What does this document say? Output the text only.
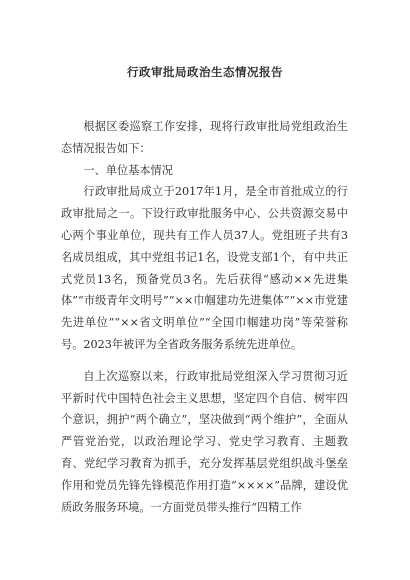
行政审批局政治生态情况报告

根据区委巡察工作安排，现将行政审批局党组政治生态情况报告如下：

一、单位基本情况

行政审批局成立于2017年1月，是全市首批成立的行政审批局之一。下设行政审批服务中心、公共资源交易中心两个事业单位，现共有工作人员37人。党组班子共有3名成员组成，其中党组书记1名，设党支部1个，有中共正式党员13名，预备党员3名。先后获得“感动××先进集体”“市级青年文明号”“××巾帼建功先进集体”“××市党建先进单位”“××省文明单位”“全国巾帼建功岗”等荣誉称号。2023年被评为全省政务服务系统先进单位。

自上次巡察以来，行政审批局党组深入学习贯彻习近平新时代中国特色社会主义思想，坚定四个自信、树牢四个意识，拥护“两个确立”，坚决做到“两个维护”，全面从严管党治党，以政治理论学习、党史学习教育、主题教育、党纪学习教育为抓手，充分发挥基层党组织战斗堡垒作用和党员先锋先锋模范作用打造“××××”品牌，建设优质政务服务环境。一方面党员带头推行“四精工作
